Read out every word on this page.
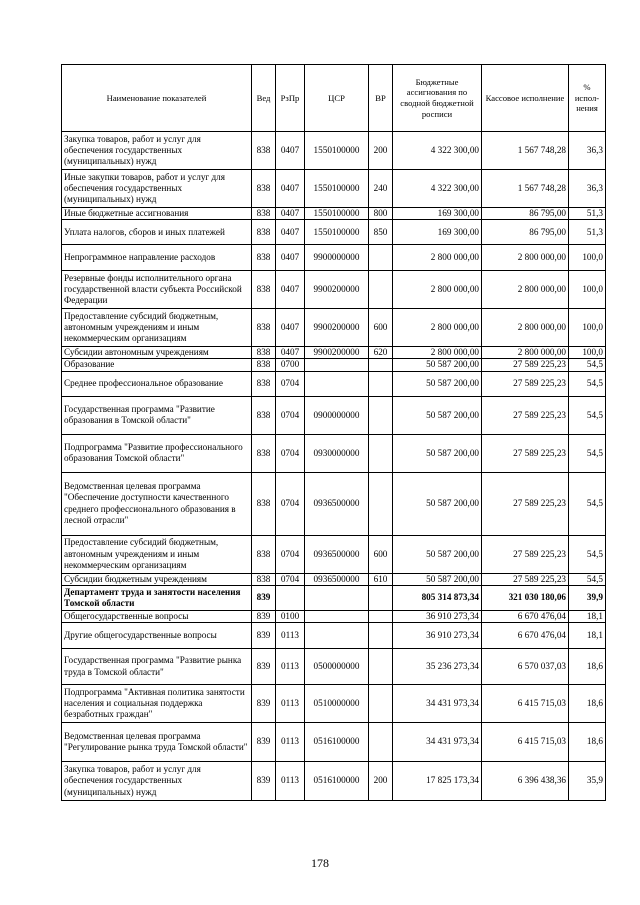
Наименование показателей	Вед	РзПр	ЦСР	ВР	Бюджетные ассигнования по сводной бюджетной росписи	Кассовое исполнение	% испол-нения
Закупка товаров, работ и услуг для обеспечения государственных (муниципальных) нужд	838	0407	1550100000	200	4 322 300,00	1 567 748,28	36,3
Иные закупки товаров, работ и услуг для обеспечения государственных (муниципальных) нужд	838	0407	1550100000	240	4 322 300,00	1 567 748,28	36,3
Иные бюджетные ассигнования	838	0407	1550100000	800	169 300,00	86 795,00	51,3
Уплата налогов, сборов и иных платежей	838	0407	1550100000	850	169 300,00	86 795,00	51,3
Непрограммное направление расходов	838	0407	9900000000		2 800 000,00	2 800 000,00	100,0
Резервные фонды исполнительного органа государственной власти субъекта Российской Федерации	838	0407	9900200000		2 800 000,00	2 800 000,00	100,0
Предоставление субсидий бюджетным, автономным учреждениям и иным некоммерческим организациям	838	0407	9900200000	600	2 800 000,00	2 800 000,00	100,0
Субсидии автономным учреждениям	838	0407	9900200000	620	2 800 000,00	2 800 000,00	100,0
Образование	838	0700			50 587 200,00	27 589 225,23	54,5
Среднее профессиональное образование	838	0704			50 587 200,00	27 589 225,23	54,5
Государственная программа "Развитие образования в Томской области"	838	0704	0900000000		50 587 200,00	27 589 225,23	54,5
Подпрограмма "Развитие профессионального образования Томской области"	838	0704	0930000000		50 587 200,00	27 589 225,23	54,5
Ведомственная целевая программа "Обеспечение доступности качественного среднего профессионального образования в лесной отрасли"	838	0704	0936500000		50 587 200,00	27 589 225,23	54,5
Предоставление субсидий бюджетным, автономным учреждениям и иным некоммерческим организациям	838	0704	0936500000	600	50 587 200,00	27 589 225,23	54,5
Субсидии бюджетным учреждениям	838	0704	0936500000	610	50 587 200,00	27 589 225,23	54,5
Департамент труда и занятости населения Томской области	839				805 314 873,34	321 030 180,06	39,9
Общегосударственные вопросы	839	0100			36 910 273,34	6 670 476,04	18,1
Другие общегосударственные вопросы	839	0113			36 910 273,34	6 670 476,04	18,1
Государственная программа "Развитие рынка труда в Томской области"	839	0113	0500000000		35 236 273,34	6 570 037,03	18,6
Подпрограмма "Активная политика занятости населения и социальная поддержка безработных граждан"	839	0113	0510000000		34 431 973,34	6 415 715,03	18,6
Ведомственная целевая программа "Регулирование рынка труда Томской области"	839	0113	0516100000		34 431 973,34	6 415 715,03	18,6
Закупка товаров, работ и услуг для обеспечения государственных (муниципальных) нужд	839	0113	0516100000	200	17 825 173,34	6 396 438,36	35,9
178
